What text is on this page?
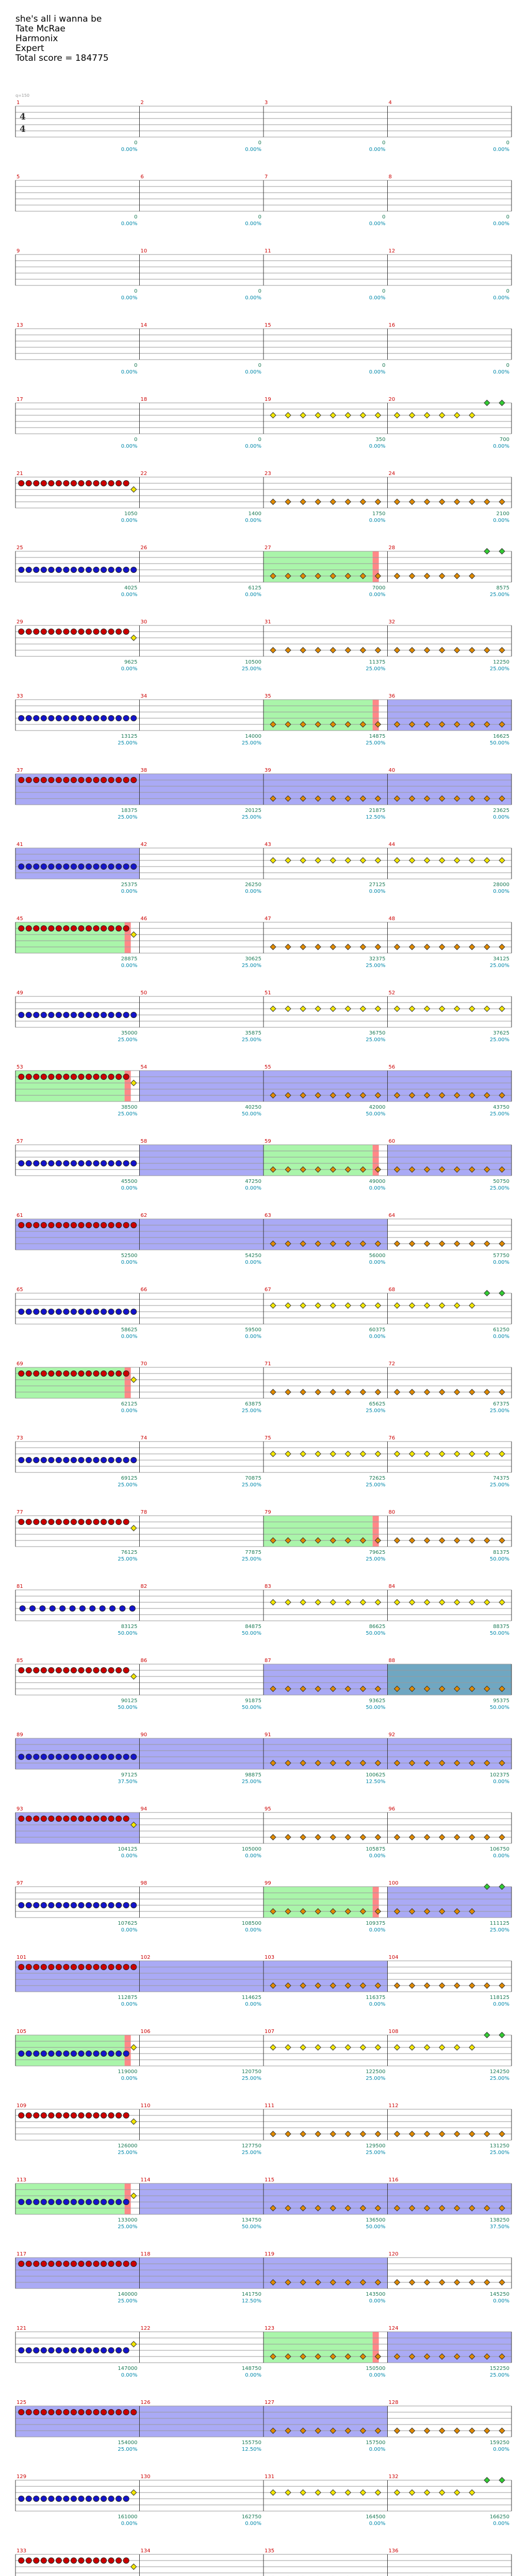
she's all i wanna be
Tate McRae
Harmonix
Expert
Total score = 184775
4
4
q=150
1
0
0.00%
2
0
0.00%
3
0
0.00%
4
0
0.00%
5
0
0.00%
6
0
0.00%
7
0
0.00%
8
0
0.00%
9
0
0.00%
10
0
0.00%
11
0
0.00%
12
0
0.00%
13
0
0.00%
14
0
0.00%
15
0
0.00%
16
0
0.00%
17
0
0.00%
18
0
0.00%
19
350
0.00%
20
700
0.00%
21
1050
0.00%
22
1400
0.00%
23
1750
0.00%
24
2100
0.00%
25
4025
0.00%
26
6125
0.00%
27
7000
0.00%
28
8575
25.00%
29
9625
0.00%
30
10500
25.00%
31
11375
25.00%
32
12250
25.00%
33
13125
25.00%
34
14000
25.00%
35
14875
25.00%
36
16625
50.00%
37
18375
25.00%
38
20125
25.00%
39
21875
12.50%
40
23625
0.00%
41
25375
0.00%
42
26250
0.00%
43
27125
0.00%
44
28000
0.00%
45
28875
0.00%
46
30625
25.00%
47
32375
25.00%
48
34125
25.00%
49
35000
25.00%
50
35875
25.00%
51
36750
25.00%
52
37625
25.00%
53
38500
25.00%
54
40250
50.00%
55
42000
50.00%
56
43750
25.00%
57
45500
0.00%
58
47250
0.00%
59
49000
0.00%
60
50750
25.00%
61
52500
0.00%
62
54250
0.00%
63
56000
0.00%
64
57750
0.00%
65
58625
0.00%
66
59500
0.00%
67
60375
0.00%
68
61250
0.00%
69
62125
0.00%
70
63875
25.00%
71
65625
25.00%
72
67375
25.00%
73
69125
25.00%
74
70875
25.00%
75
72625
25.00%
76
74375
25.00%
77
76125
25.00%
78
77875
25.00%
79
79625
25.00%
80
81375
50.00%
81
83125
50.00%
82
84875
50.00%
83
86625
50.00%
84
88375
50.00%
85
90125
50.00%
86
91875
50.00%
87
93625
50.00%
88
95375
50.00%
89
97125
37.50%
90
98875
25.00%
91
100625
12.50%
92
102375
0.00%
93
104125
0.00%
94
105000
0.00%
95
105875
0.00%
96
106750
0.00%
97
107625
0.00%
98
108500
0.00%
99
109375
0.00%
100
111125
25.00%
101
112875
0.00%
102
114625
0.00%
103
116375
0.00%
104
118125
0.00%
105
119000
0.00%
106
120750
25.00%
107
122500
25.00%
108
124250
25.00%
109
126000
25.00%
110
127750
25.00%
111
129500
25.00%
112
131250
25.00%
113
133000
25.00%
114
134750
50.00%
115
136500
50.00%
116
138250
37.50%
117
140000
25.00%
118
141750
12.50%
119
143500
0.00%
120
145250
0.00%
121
147000
0.00%
122
148750
0.00%
123
150500
0.00%
124
152250
25.00%
125
154000
25.00%
126
155750
12.50%
127
157500
0.00%
128
159250
0.00%
129
161000
0.00%
130
162750
0.00%
131
164500
0.00%
132
166250
0.00%
133	134	135	136
